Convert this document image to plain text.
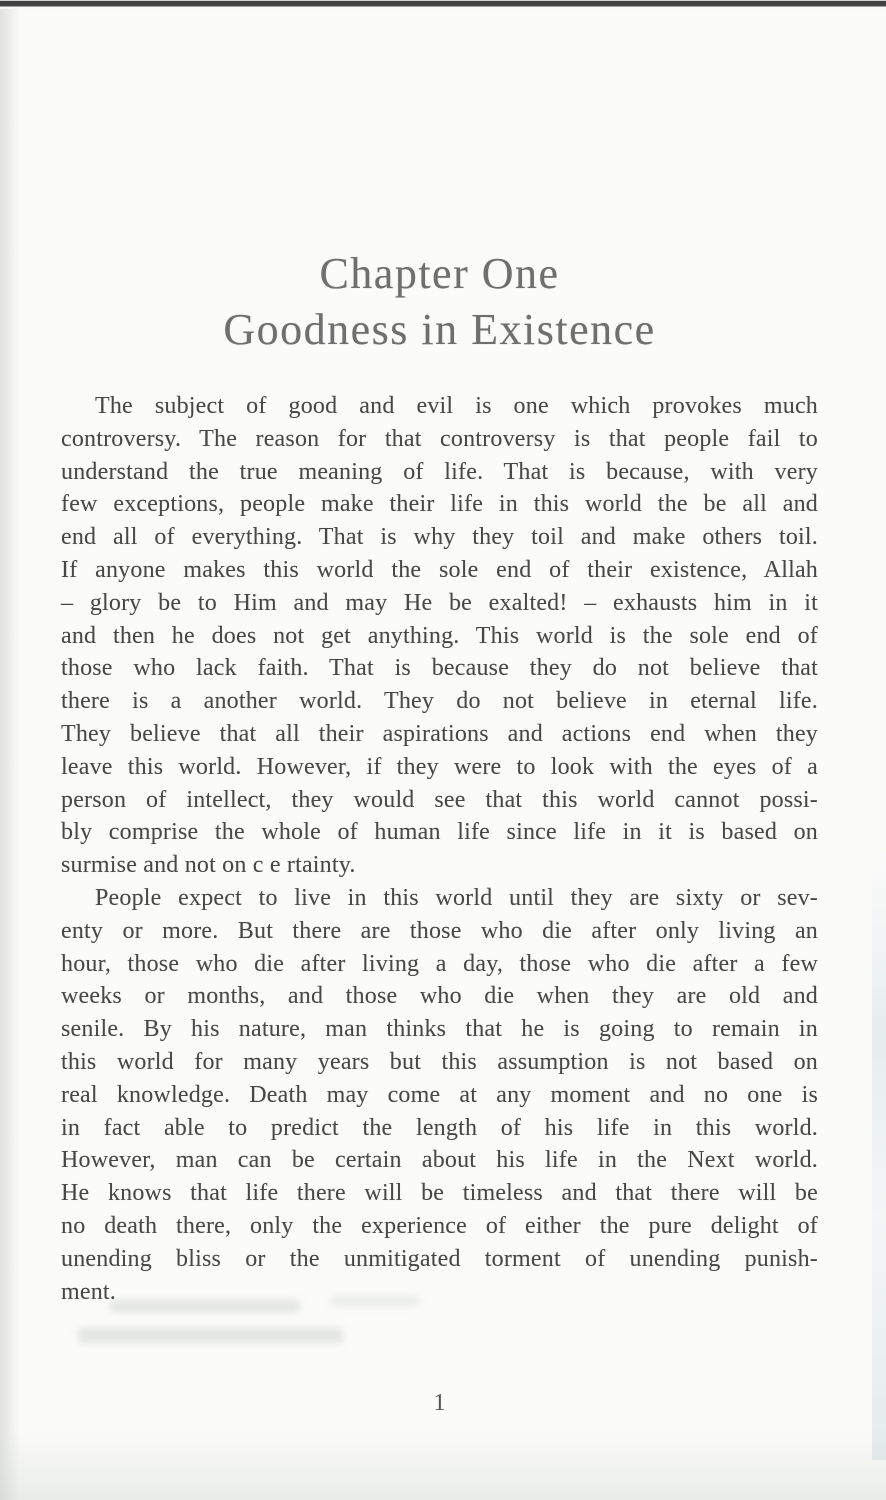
Chapter One
Goodness in Existence
The subject of good and evil is one which provokes much
controversy. The reason for that controversy is that people fail to
understand the true meaning of life. That is because, with very
few exceptions, people make their life in this world the be all and
end all of everything. That is why they toil and make others toil.
If anyone makes this world the sole end of their existence, Allah
– glory be to Him and may He be exalted! – exhausts him in it
and then he does not get anything. This world is the sole end of
those who lack faith. That is because they do not believe that
there is a another world. They do not believe in eternal life.
They believe that all their aspirations and actions end when they
leave this world. However, if they were to look with the eyes of a
person of intellect, they would see that this world cannot possi-
bly comprise the whole of human life since life in it is based on
surmise and not on c e rtainty.
People expect to live in this world until they are sixty or sev-
enty or more. But there are those who die after only living an
hour, those who die after living a day, those who die after a few
weeks or months, and those who die when they are old and
senile. By his nature, man thinks that he is going to remain in
this world for many years but this assumption is not based on
real knowledge. Death may come at any moment and no one is
in fact able to predict the length of his life in this world.
However, man can be certain about his life in the Next world.
He knows that life there will be timeless and that there will be
no death there, only the experience of either the pure delight of
unending bliss or the unmitigated torment of unending punish-
ment.
1
